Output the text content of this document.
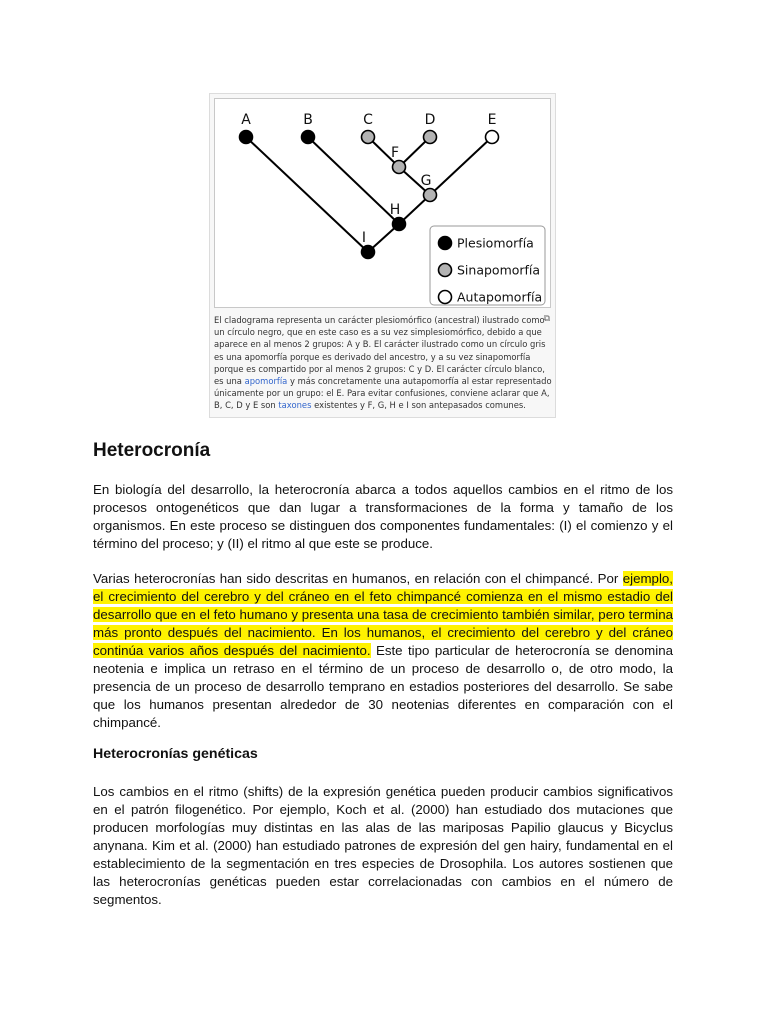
A	B	C	D	E
F
G
H
I	Plesiomorfía
Sinapomorfía
Autapomorfía
El cladograma representa un carácter plesiomórfico (ancestral) ilustrado como un círculo negro, que en este caso es a su vez simplesiomórfico, debido a que aparece en al menos 2 grupos: A y B. El carácter ilustrado como un círculo gris es una apomorfía porque es derivado del ancestro, y a su vez sinapomorfía porque es compartido por al menos 2 grupos: C y D. El carácter círculo blanco, es una apomorfía y más concretamente una autapomorfía al estar representado únicamente por un grupo: el E. Para evitar confusiones, conviene aclarar que A, B, C, D y E son taxones existentes y F, G, H e I son antepasados comunes.
⧉
Heterocronía

En biología del desarrollo, la heterocronía abarca a todos aquellos cambios en el ritmo de los procesos ontogenéticos que dan lugar a transformaciones de la forma y tamaño de los organismos. En este proceso se distinguen dos componentes fundamentales: (I) el comienzo y el término del proceso; y (II) el ritmo al que este se produce.

Varias heterocronías han sido descritas en humanos, en relación con el chimpancé. Por ejemplo, el crecimiento del cerebro y del cráneo en el feto chimpancé comienza en el mismo estadio del desarrollo que en el feto humano y presenta una tasa de crecimiento también similar, pero termina más pronto después del nacimiento. En los humanos, el crecimiento del cerebro y del cráneo continúa varios años después del nacimiento. Este tipo particular de heterocronía se denomina neotenia e implica un retraso en el término de un proceso de desarrollo o, de otro modo, la presencia de un proceso de desarrollo temprano en estadios posteriores del desarrollo. Se sabe que los humanos presentan alrededor de 30 neotenias diferentes en comparación con el chimpancé.

Heterocronías genéticas

Los cambios en el ritmo (shifts) de la expresión genética pueden producir cambios significativos en el patrón filogenético. Por ejemplo, Koch et al. (2000) han estudiado dos mutaciones que producen morfologías muy distintas en las alas de las mariposas Papilio glaucus y Bicyclus anynana. Kim et al. (2000) han estudiado patrones de expresión del gen hairy, fundamental en el establecimiento de la segmentación en tres especies de Drosophila. Los autores sostienen que las heterocronías genéticas pueden estar correlacionadas con cambios en el número de segmentos.
